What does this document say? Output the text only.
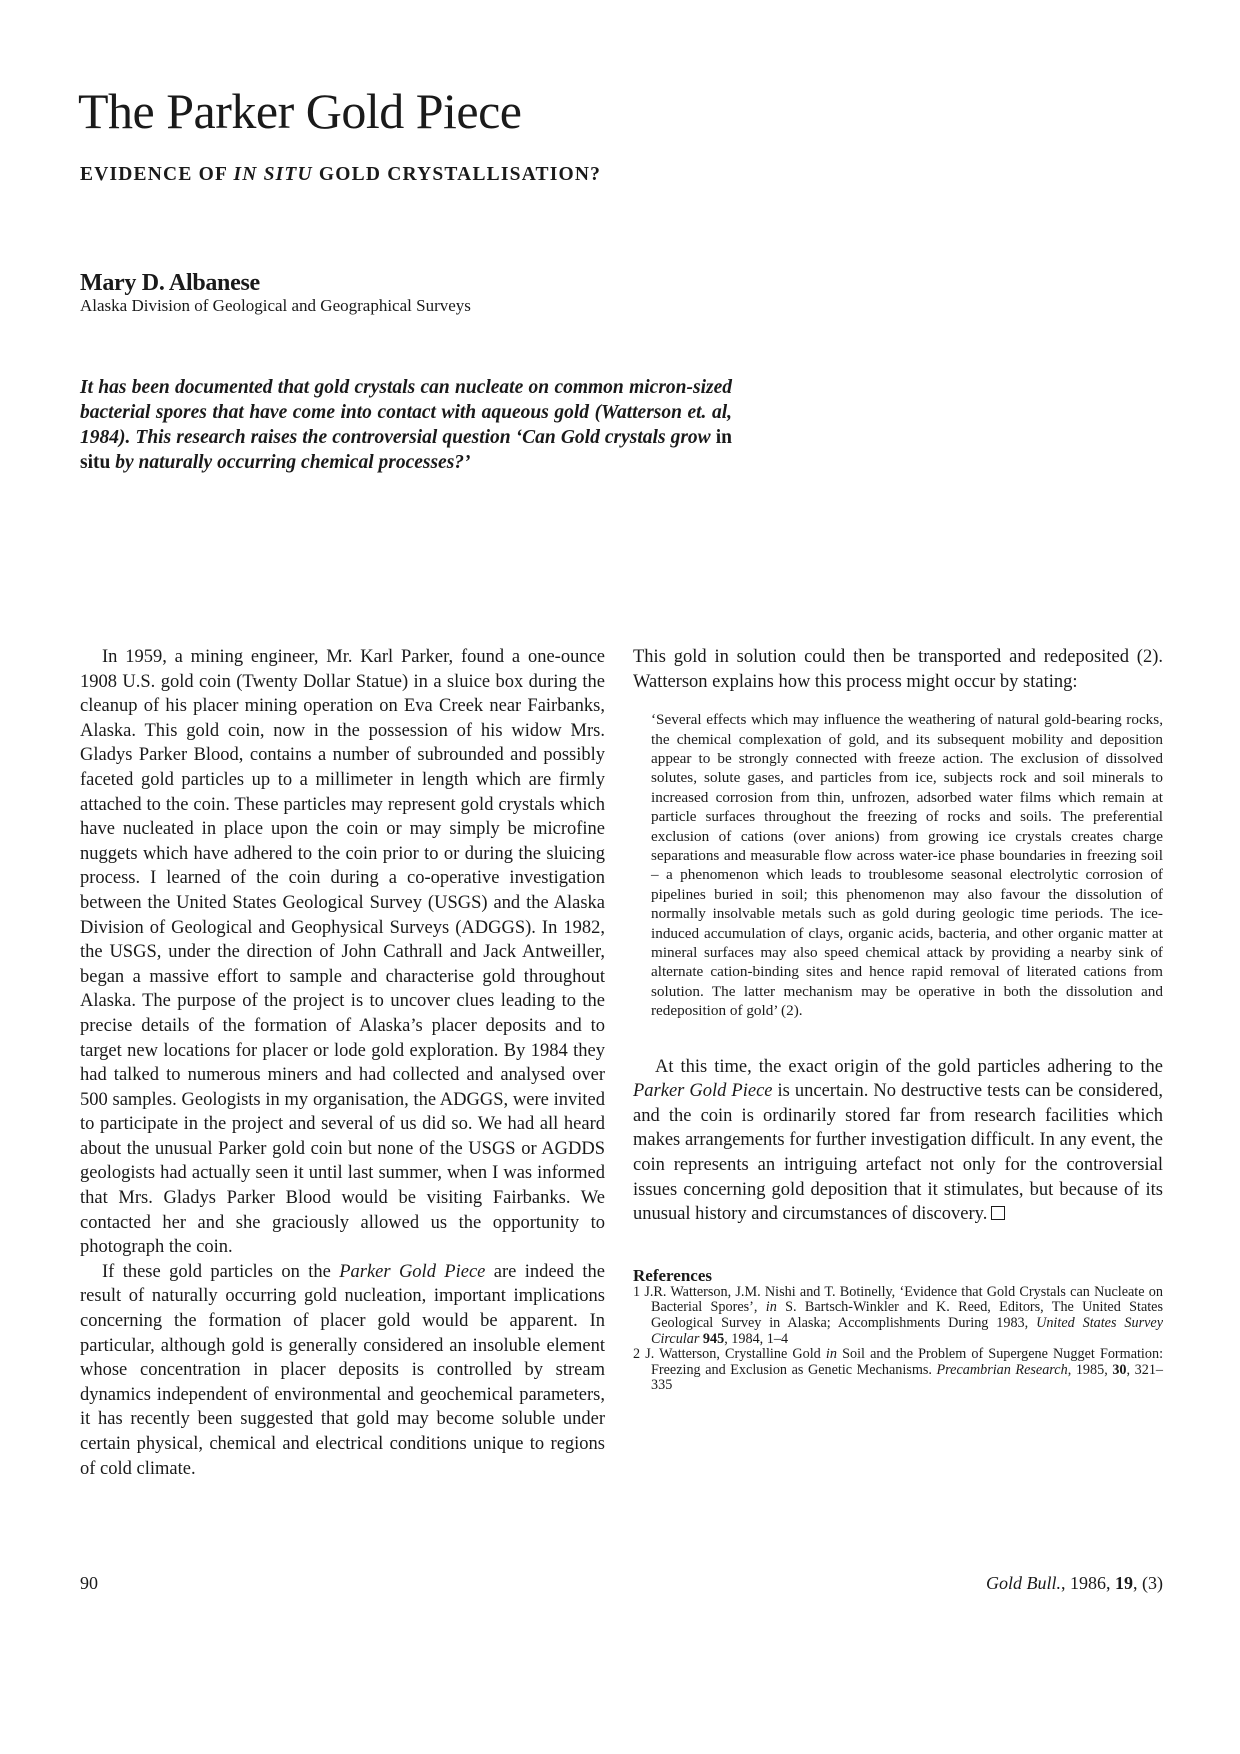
The Parker Gold Piece
EVIDENCE OF IN SITU GOLD CRYSTALLISATION?
Mary D. Albanese
Alaska Division of Geological and Geographical Surveys

It has been documented that gold crystals can nucleate on common micron-sized bacterial spores that have come into contact with aqueous gold (Watterson et. al, 1984). This research raises the controversial question ‘Can Gold crystals grow in situ by naturally occurring chemical processes?’

In 1959, a mining engineer, Mr. Karl Parker, found a one-ounce 1908 U.S. gold coin (Twenty Dollar Statue) in a sluice box during the cleanup of his placer mining operation on Eva Creek near Fairbanks, Alaska. This gold coin, now in the possession of his widow Mrs. Gladys Parker Blood, contains a number of subrounded and possibly faceted gold particles up to a millimeter in length which are firmly attached to the coin. These particles may represent gold crystals which have nucleated in place upon the coin or may simply be microfine nuggets which have adhered to the coin prior to or during the sluicing process. I learned of the coin during a co-operative investigation between the United States Geological Survey (USGS) and the Alaska Division of Geological and Geophysical Surveys (ADGGS). In 1982, the USGS, under the direction of John Cathrall and Jack Antweiller, began a massive effort to sample and characterise gold throughout Alaska. The purpose of the project is to uncover clues leading to the precise details of the formation of Alaska’s placer deposits and to target new locations for placer or lode gold exploration. By 1984 they had talked to numerous miners and had collected and analysed over 500 samples. Geologists in my organisation, the ADGGS, were invited to participate in the project and several of us did so. We had all heard about the unusual Parker gold coin but none of the USGS or AGDDS geologists had actually seen it until last summer, when I was informed that Mrs. Gladys Parker Blood would be visiting Fairbanks. We contacted her and she graciously allowed us the opportunity to photograph the coin.

If these gold particles on the Parker Gold Piece are indeed the result of naturally occurring gold nucleation, important implications concerning the formation of placer gold would be apparent. In particular, although gold is generally considered an insoluble element whose concentration in placer deposits is controlled by stream dynamics independent of environmental and geochemical parameters, it has recently been suggested that gold may become soluble under certain physical, chemical and electrical conditions unique to regions of cold climate.

This gold in solution could then be transported and redeposited (2). Watterson explains how this process might occur by stating:

‘Several effects which may influence the weathering of natural gold-bearing rocks, the chemical complexation of gold, and its subsequent mobility and deposition appear to be strongly connected with freeze action. The exclusion of dissolved solutes, solute gases, and particles from ice, subjects rock and soil minerals to increased corrosion from thin, unfrozen, adsorbed water films which remain at particle surfaces throughout the freezing of rocks and soils. The preferential exclusion of cations (over anions) from growing ice crystals creates charge separations and measurable flow across water-ice phase boundaries in freezing soil – a phenomenon which leads to troublesome seasonal electrolytic corrosion of pipelines buried in soil; this phenomenon may also favour the dissolution of normally insolvable metals such as gold during geologic time periods. The ice-induced accumulation of clays, organic acids, bacteria, and other organic matter at mineral surfaces may also speed chemical attack by providing a nearby sink of alternate cation-binding sites and hence rapid removal of literated cations from solution. The latter mechanism may be operative in both the dissolution and redeposition of gold’ (2).

At this time, the exact origin of the gold particles adhering to the Parker Gold Piece is uncertain. No destructive tests can be considered, and the coin is ordinarily stored far from research facilities which makes arrangements for further investigation difficult. In any event, the coin represents an intriguing artefact not only for the controversial issues concerning gold deposition that it stimulates, but because of its unusual history and circumstances of discovery.

References

1 J.R. Watterson, J.M. Nishi and T. Botinelly, ‘Evidence that Gold Crystals can Nucleate on Bacterial Spores’, in S. Bartsch-Winkler and K. Reed, Editors, The United States Geological Survey in Alaska; Accomplishments During 1983, United States Survey Circular 945, 1984, 1–4

2 J. Watterson, Crystalline Gold in Soil and the Problem of Supergene Nugget Formation: Freezing and Exclusion as Genetic Mechanisms. Precambrian Research, 1985, 30, 321–335

90	Gold Bull., 1986, 19, (3)
